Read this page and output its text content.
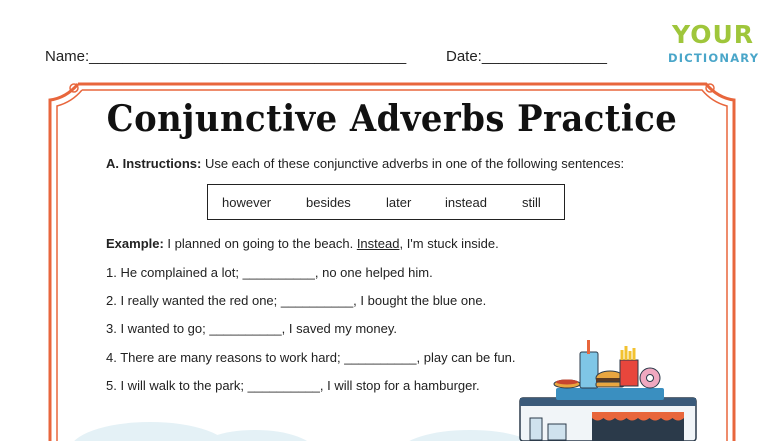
Name:______________________________________	Date:_______________
YOUR
DICTIONARY
Conjunctive Adverbs Practice
A. Instructions: Use each of these conjunctive adverbs in one of the following sentences:
however	besides	later	instead	still
Example: I planned on going to the beach. Instead, I'm stuck inside.
1. He complained a lot; __________, no one helped him.
2. I really wanted the red one; __________, I bought the blue one.
3. I wanted to go; __________, I saved my money.
4. There are many reasons to work hard; __________, play can be fun.
5. I will walk to the park; __________, I will stop for a hamburger.
